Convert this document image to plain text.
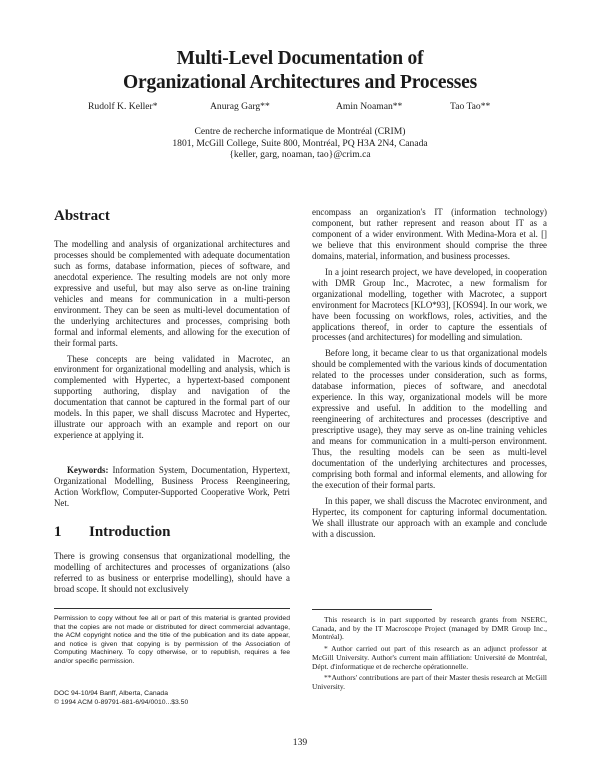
Multi-Level Documentation of
Organizational Architectures and Processes
Rudolf K. Keller*	Anurag Garg**	Amin Noaman**	Tao Tao**
Centre de recherche informatique de Montréal (CRIM)
1801, McGill College, Suite 800, Montréal, PQ H3A 2N4, Canada
{keller, garg, noaman, tao}@crim.ca
Abstract

The modelling and analysis of organizational architectures and processes should be complemented with adequate documentation such as forms, database information, pieces of software, and anecdotal experience. The resulting models are not only more expressive and useful, but may also serve as on-line training vehicles and means for communication in a multi-person environment. They can be seen as multi-level documentation of the underlying architectures and processes, comprising both formal and informal elements, and allowing for the execution of their formal parts.

These concepts are being validated in Macrotec, an environment for organizational modelling and analysis, which is complemented with Hypertec, a hypertext-based component supporting authoring, display and navigation of the documentation that cannot be captured in the formal part of our models. In this paper, we shall discuss Macrotec and Hypertec, illustrate our approach with an example and report on our experience at applying it.

Keywords: Information System, Documentation, Hypertext, Organizational Modelling, Business Process Reengineering, Action Workflow, Computer-Supported Cooperative Work, Petri Net.
1 Introduction

There is growing consensus that organizational modelling, the modelling of architectures and processes of organizations (also referred to as business or enterprise modelling), should have a broad scope. It should not exclusively

Permission to copy without fee all or part of this material is granted provided that the copies are not made or distributed for direct commercial advantage, the ACM copyright notice and the title of the publication and its date appear, and notice is given that copying is by permission of the Association of Computing Machinery. To copy otherwise, or to republish, requires a fee and/or specific permission.
DOC 94-10/94 Banff, Alberta, Canada
© 1994 ACM 0-89791-681-6/94/0010...$3.50

encompass an organization's IT (information technology) component, but rather represent and reason about IT as a component of a wider environment. With Medina-Mora et al. [] we believe that this environment should comprise the three domains, material, information, and business processes.

In a joint research project, we have developed, in cooperation with DMR Group Inc., Macrotec, a new formalism for organizational modelling, together with Macrotec, a support environment for Macrotecs [KLO*93], [KOS94]. In our work, we have been focussing on workflows, roles, activities, and the applications thereof, in order to capture the essentials of processes (and architectures) for modelling and simulation.

Before long, it became clear to us that organizational models should be complemented with the various kinds of documentation related to the processes under consideration, such as forms, database information, pieces of software, and anecdotal experience. In this way, organizational models will be more expressive and useful. In addition to the modelling and reengineering of architectures and processes (descriptive and prescriptive usage), they may serve as on-line training vehicles and means for communication in a multi-person environment. Thus, the resulting models can be seen as multi-level documentation of the underlying architectures and processes, comprising both formal and informal elements, and allowing for the execution of their formal parts.

In this paper, we shall discuss the Macrotec environment, and Hypertec, its component for capturing informal documentation. We shall illustrate our approach with an example and conclude with a discussion.

This research is in part supported by research grants from NSERC, Canada, and by the IT Macroscope Project (managed by DMR Group Inc., Montréal).

* Author carried out part of this research as an adjunct professor at McGill University. Author's current main affiliation: Université de Montréal, Dépt. d'informatique et de recherche opérationnelle.

**Authors' contributions are part of their Master thesis research at McGill University.

139
